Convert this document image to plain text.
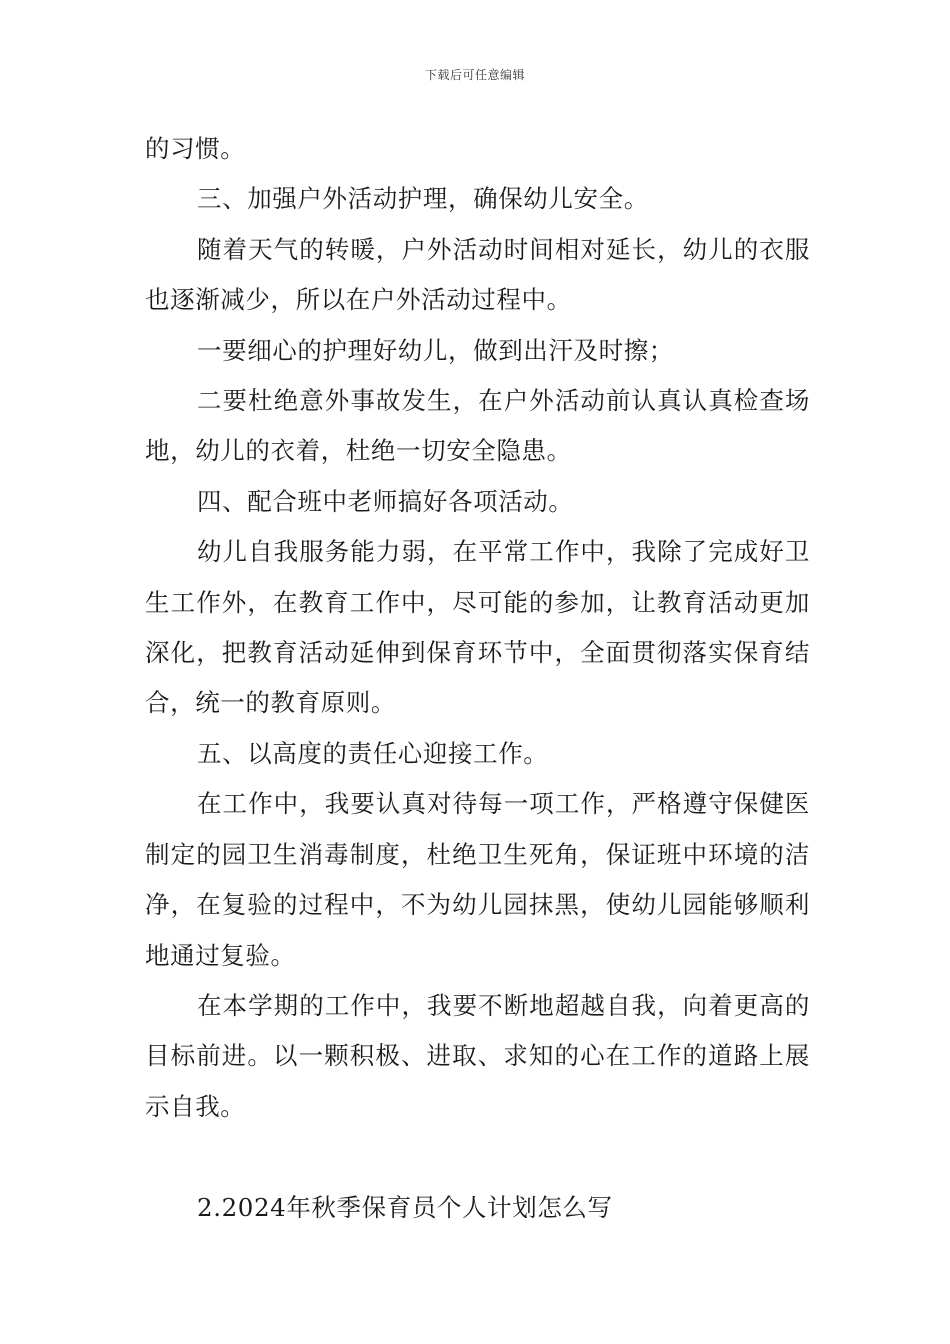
下载后可任意编辑

的习惯。

三、加强户外活动护理，确保幼儿安全。

随着天气的转暖，户外活动时间相对延长，幼儿的衣服也逐渐减少，所以在户外活动过程中。

一要细心的护理好幼儿，做到出汗及时擦；

二要杜绝意外事故发生，在户外活动前认真认真检查场地，幼儿的衣着，杜绝一切安全隐患。

四、配合班中老师搞好各项活动。

幼儿自我服务能力弱，在平常工作中，我除了完成好卫生工作外，在教育工作中，尽可能的参加，让教育活动更加深化，把教育活动延伸到保育环节中，全面贯彻落实保育结合，统一的教育原则。

五、以高度的责任心迎接工作。

在工作中，我要认真对待每一项工作，严格遵守保健医制定的园卫生消毒制度，杜绝卫生死角，保证班中环境的洁净，在复验的过程中，不为幼儿园抹黑，使幼儿园能够顺利地通过复验。

在本学期的工作中，我要不断地超越自我，向着更高的目标前进。以一颗积极、进取、求知的心在工作的道路上展示自我。

2.2024年秋季保育员个人计划怎么写
